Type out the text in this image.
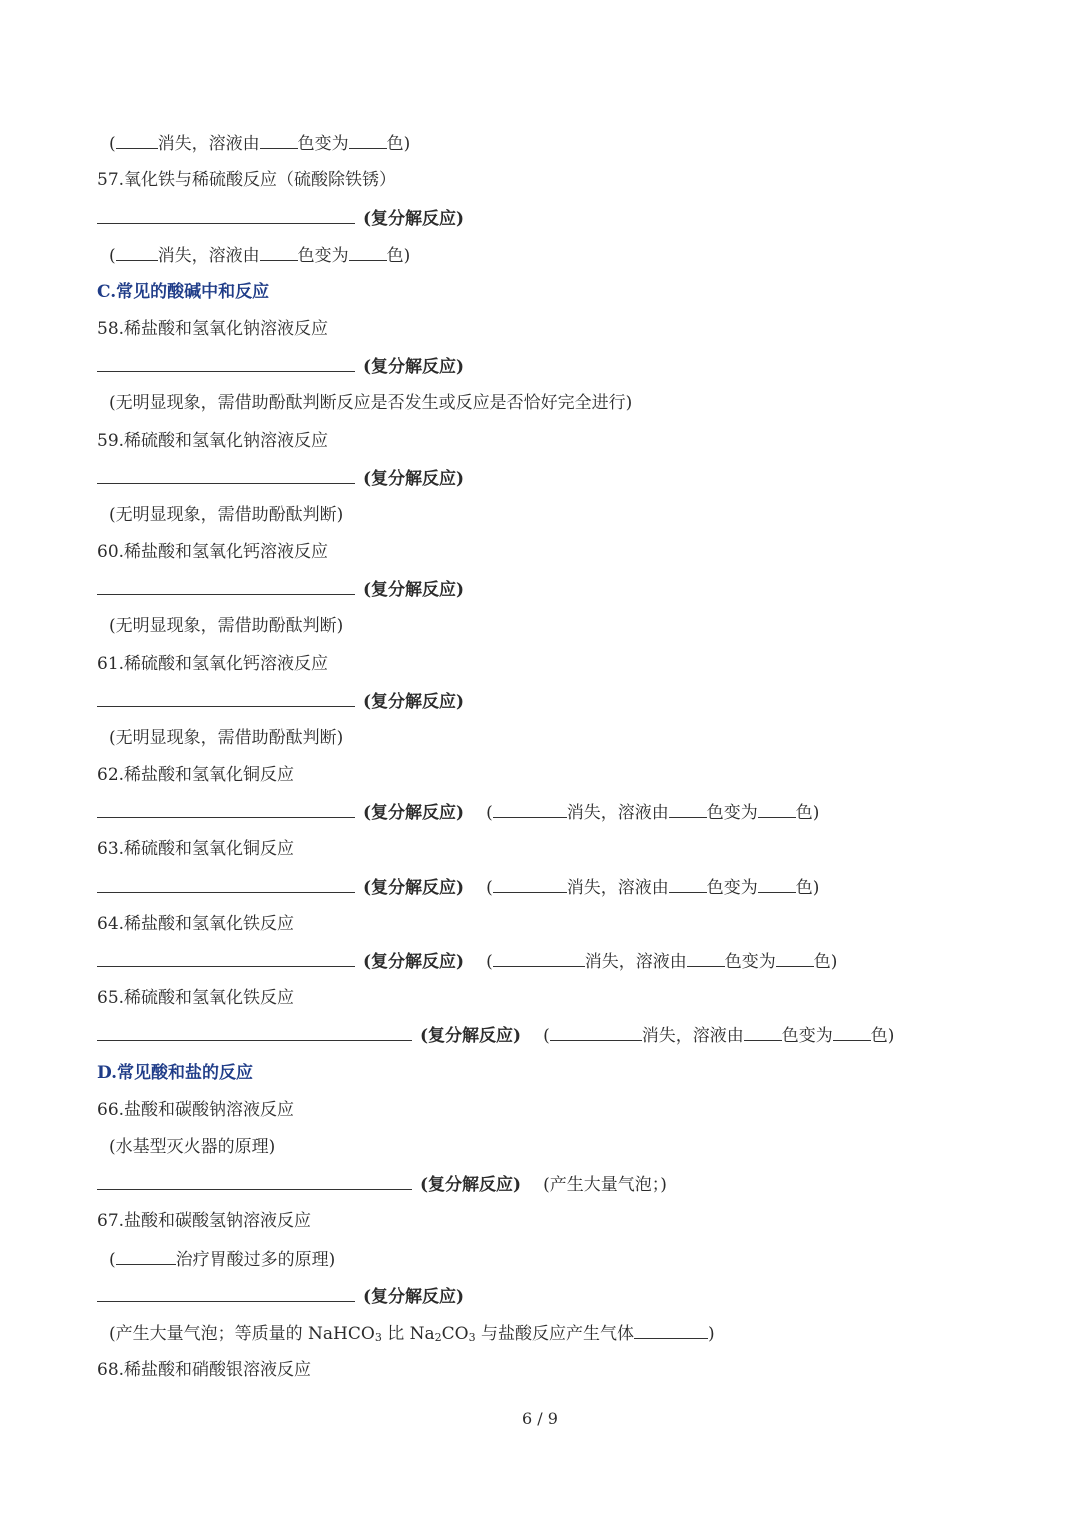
( 消失，溶液由 色变为 色)
57.氧化铁与稀硫酸反应（硫酸除铁锈）
(复分解反应)
( 消失，溶液由 色变为 色)
C.常见的酸碱中和反应
58.稀盐酸和氢氧化钠溶液反应
(复分解反应)
(无明显现象，需借助酚酞判断反应是否发生或反应是否恰好完全进行)
59.稀硫酸和氢氧化钠溶液反应
(复分解反应)
(无明显现象，需借助酚酞判断)
60.稀盐酸和氢氧化钙溶液反应
(复分解反应)
(无明显现象，需借助酚酞判断)
61.稀硫酸和氢氧化钙溶液反应
(复分解反应)
(无明显现象，需借助酚酞判断)
62.稀盐酸和氢氧化铜反应
(复分解反应) (	消失，溶液由 色变为 色)
63.稀硫酸和氢氧化铜反应
(复分解反应) (	消失，溶液由 色变为 色)
64.稀盐酸和氢氧化铁反应
(复分解反应) (	消失，溶液由 色变为 色)
65.稀硫酸和氢氧化铁反应
(复分解反应) (	消失，溶液由 色变为 色)
D.常见酸和盐的反应
66.盐酸和碳酸钠溶液反应
(水基型灭火器的原理)
(复分解反应) (产生大量气泡；)
67.盐酸和碳酸氢钠溶液反应
(	治疗胃酸过多的原理)
(复分解反应)
(产生大量气泡；等质量的 NaHCO$_3$ 比 $Na_2CO_3$ 与盐酸反应产生气体	)
68.稀盐酸和硝酸银溶液反应
6 / 9
